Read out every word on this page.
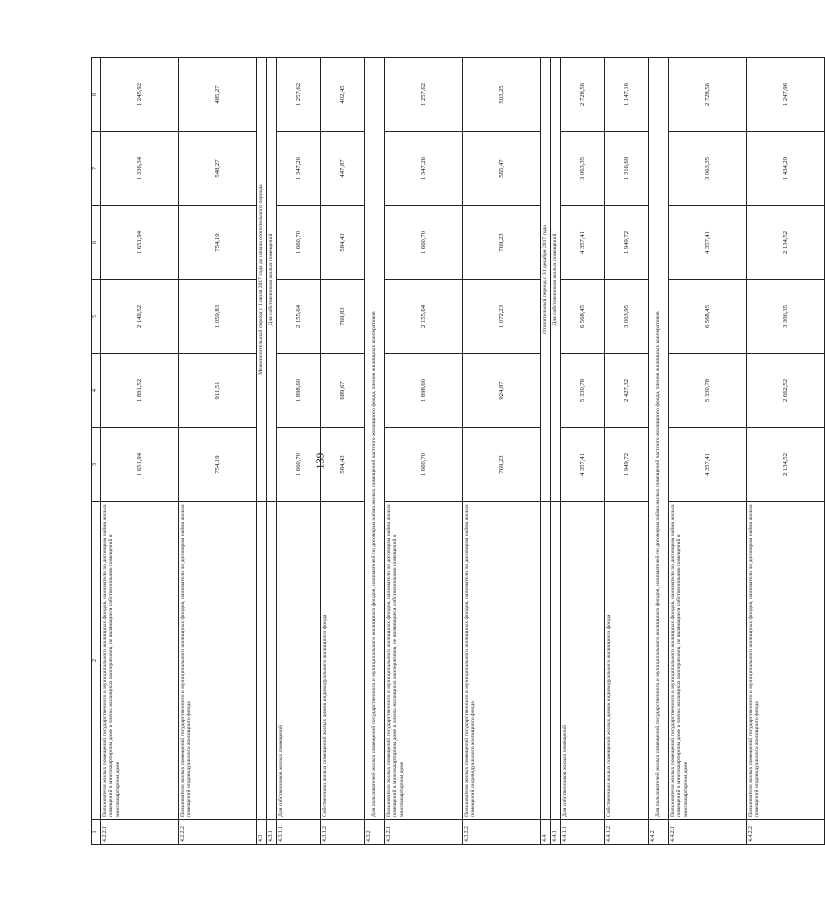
139
1	2	3	4	5	6	7	8
4.2.2.1	Пользователи жилых помещений государственного и муниципального жилищных фондов, наниматели по договорам найма жилых помещений в многоквартирном доме и члены жилищных кооперативов, не являющиеся собственниками помещений в многоквартирном доме	1 651,94	1 891,52	2 149,52	1 651,94	1 336,34	1 245,92
4.2.2.2	Пользователи жилых помещений государственного и муниципального жилищных фондов, наниматели по договорам найма жилых помещений индивидуального жилищного фонда	754,19	911,51	1 059,83	754,19	548,27	485,27
4.3		Межотопительный период с 1 июля 2017 года до начала отопительного периода					
4.3.1		Для собственников жилых помещений					
4.3.1.1	Для собственников жилых помещений	1 660,70	1 898,60	2 155,64	1 660,70	1 347,26	1 257,62
4.3.1.2	Собственники жилых помещений жилых домов индивидуального жилищного фонда	584,43	689,67	769,83	584,43	447,87	402,45
4.3.2	Для пользователей жилых помещений государственного и муниципального жилищного фондов, нанимателей по договорам найма жилых помещений частного жилищного фонда, членов жилищных кооперативов						
4.3.2.1	Пользователи жилых помещений государственного и муниципального жилищных фондов, наниматели по договорам найма жилых помещений в многоквартирном доме и члены жилищных кооперативов, не являющиеся собственниками помещений в многоквартирном доме	1 660,70	1 898,60	2 155,64	1 660,70	1 347,26	1 257,62
4.3.2.2	Пользователи жилых помещений государственного и муниципального жилищных фондов, наниматели по договорам найма жилых помещений индивидуального жилищного фонда	769,23	924,87	1 072,23	769,23	565,47	503,25
4.4		Отопительный период с 31 декабря 2017 года					
4.4.1		Для собственников жилых помещений					
4.4.1.1	Для собственников жилых помещений	4 357,41	5 330,78	6 568,45	4 357,41	3 063,35	2 728,56
4.4.1.2	Собственники жилых помещений жилых домов индивидуального жилищного фонда	1 949,72	2 427,32	3 003,95	1 949,72	1 316,69	1 147,16
4.4.2	Для пользователей жилых помещений государственного и муниципального жилищного фондов, нанимателей по договорам найма жилых помещений частного жилищного фонда, членов жилищных кооперативов						
4.4.2.1	Пользователи жилых помещений государственного и муниципального жилищных фондов, наниматели по договорам найма жилых помещений в многоквартирном доме и члены жилищных кооперативов, не являющиеся собственниками помещений в многоквартирном доме	4 357,41	5 330,78	6 568,45	4 357,41	3 063,35	2 728,56
4.4.2.2	Пользователи жилых помещений государственного и муниципального жилищных фондов, наниматели по договорам найма жилых помещений индивидуального жилищного фонда	2 134,52	2 662,52	3 306,35	2 134,52	1 434,29	1 247,96
